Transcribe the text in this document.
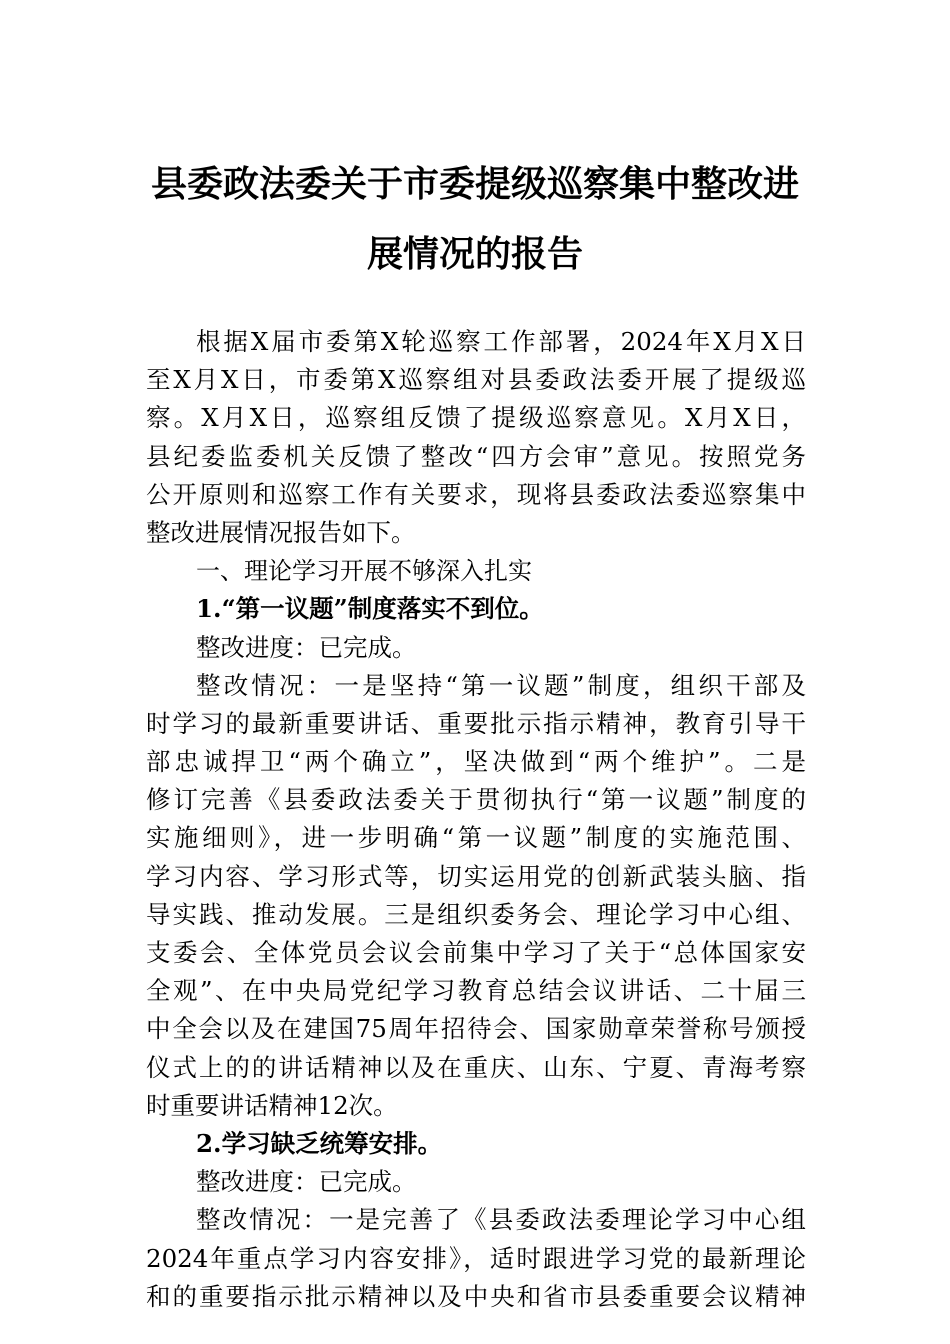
县委政法委关于市委提级巡察集中整改进
展情况的报告
根据X届市委第X轮巡察工作部署，2024年X月X日
至X月X日，市委第X巡察组对县委政法委开展了提级巡
察。X月X日，巡察组反馈了提级巡察意见。X月X日，
县纪委监委机关反馈了整改“四方会审”意见。按照党务
公开原则和巡察工作有关要求，现将县委政法委巡察集中
整改进展情况报告如下。
一、理论学习开展不够深入扎实
1.“第一议题”制度落实不到位。
整改进度：已完成。
整改情况：一是坚持“第一议题”制度，组织干部及
时学习的最新重要讲话、重要批示指示精神，教育引导干
部忠诚捍卫“两个确立”，坚决做到“两个维护”。二是
修订完善《县委政法委关于贯彻执行“第一议题”制度的
实施细则》，进一步明确“第一议题”制度的实施范围、
学习内容、学习形式等，切实运用党的创新武装头脑、指
导实践、推动发展。三是组织委务会、理论学习中心组、
支委会、全体党员会议会前集中学习了关于“总体国家安
全观”、在中央局党纪学习教育总结会议讲话、二十届三
中全会以及在建国75周年招待会、国家勋章荣誉称号颁授
仪式上的的讲话精神以及在重庆、山东、宁夏、青海考察
时重要讲话精神12次。
2.学习缺乏统筹安排。
整改进度：已完成。
整改情况：一是完善了《县委政法委理论学习中心组
2024年重点学习内容安排》，适时跟进学习党的最新理论
和的重要指示批示精神以及中央和省市县委重要会议精神
